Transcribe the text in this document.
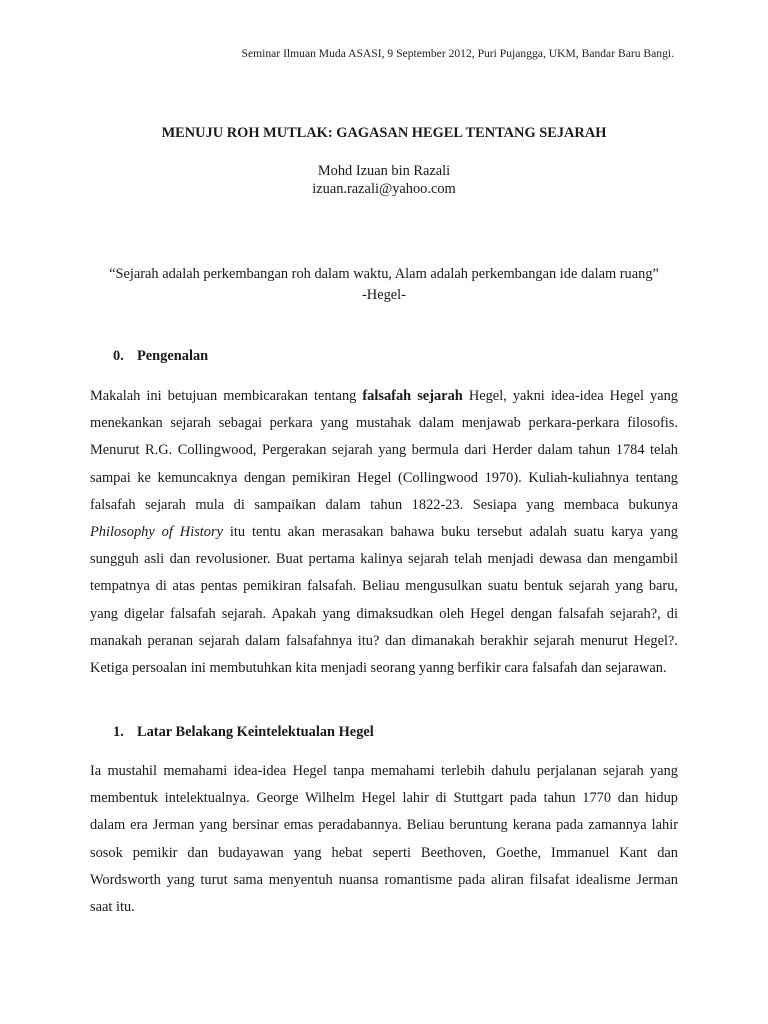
Seminar Ilmuan Muda ASASI, 9 September 2012, Puri Pujangga, UKM, Bandar Baru Bangi.
MENUJU ROH MUTLAK: GAGASAN HEGEL TENTANG SEJARAH
Mohd Izuan bin Razali
izuan.razali@yahoo.com
“Sejarah adalah perkembangan roh dalam waktu, Alam adalah perkembangan ide dalam ruang”
-Hegel-
0. Pengenalan

Makalah ini betujuan membicarakan tentang falsafah sejarah Hegel, yakni idea-idea Hegel yang menekankan sejarah sebagai perkara yang mustahak dalam menjawab perkara-perkara filosofis. Menurut R.G. Collingwood, Pergerakan sejarah yang bermula dari Herder dalam tahun 1784 telah sampai ke kemuncaknya dengan pemikiran Hegel (Collingwood 1970). Kuliah-kuliahnya tentang falsafah sejarah mula di sampaikan dalam tahun 1822-23. Sesiapa yang membaca bukunya Philosophy of History itu tentu akan merasakan bahawa buku tersebut adalah suatu karya yang sungguh asli dan revolusioner. Buat pertama kalinya sejarah telah menjadi dewasa dan mengambil tempatnya di atas pentas pemikiran falsafah. Beliau mengusulkan suatu bentuk sejarah yang baru, yang digelar falsafah sejarah. Apakah yang dimaksudkan oleh Hegel dengan falsafah sejarah?, di manakah peranan sejarah dalam falsafahnya itu? dan dimanakah berakhir sejarah menurut Hegel?. Ketiga persoalan ini membutuhkan kita menjadi seorang yanng berfikir cara falsafah dan sejarawan.

1. Latar Belakang Keintelektualan Hegel

Ia mustahil memahami idea-idea Hegel tanpa memahami terlebih dahulu perjalanan sejarah yang membentuk intelektualnya. George Wilhelm Hegel lahir di Stuttgart pada tahun 1770 dan hidup dalam era Jerman yang bersinar emas peradabannya. Beliau beruntung kerana pada zamannya lahir sosok pemikir dan budayawan yang hebat seperti Beethoven, Goethe, Immanuel Kant dan Wordsworth yang turut sama menyentuh nuansa romantisme pada aliran filsafat idealisme Jerman saat itu.
